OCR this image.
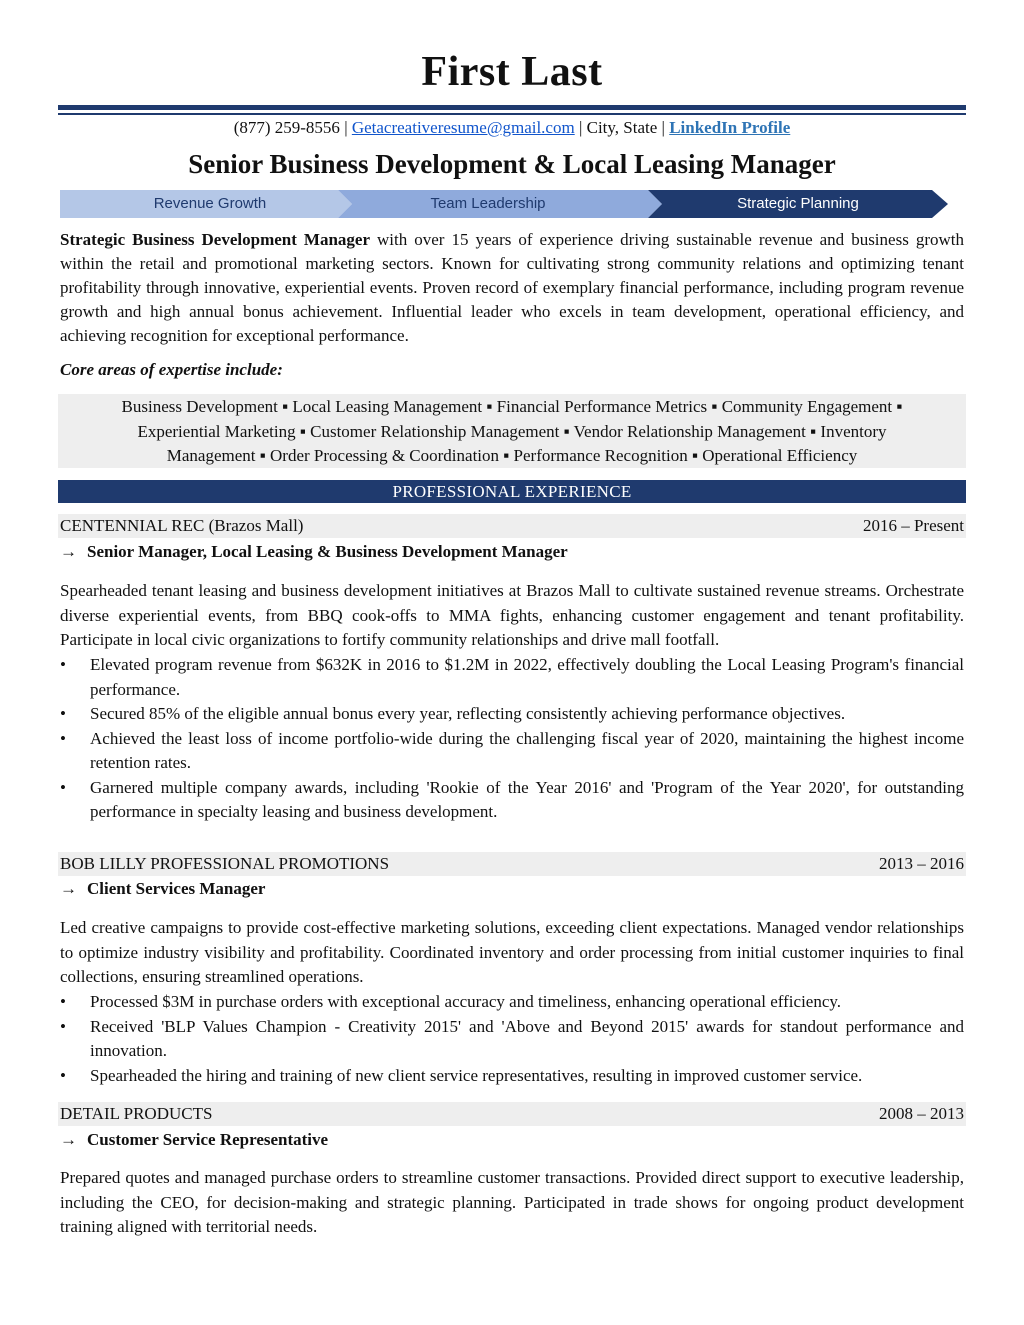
First Last
(877) 259-8556 | Getacreativeresume@gmail.com | City, State | LinkedIn Profile
Senior Business Development & Local Leasing Manager
Revenue Growth	Team Leadership	Strategic Planning
Strategic Business Development Manager with over 15 years of experience driving sustainable revenue and business growth within the retail and promotional marketing sectors. Known for cultivating strong community relations and optimizing tenant profitability through innovative, experiential events. Proven record of exemplary financial performance, including program revenue growth and high annual bonus achievement. Influential leader who excels in team development, operational efficiency, and achieving recognition for exceptional performance.
Core areas of expertise include:
Business Development ▪ Local Leasing Management ▪ Financial Performance Metrics ▪ Community Engagement ▪
Experiential Marketing ▪ Customer Relationship Management ▪ Vendor Relationship Management ▪ Inventory
Management ▪ Order Processing & Coordination ▪ Performance Recognition ▪ Operational Efficiency
PROFESSIONAL EXPERIENCE
CENTENNIAL REC (Brazos Mall)	2016 – Present
→ Senior Manager, Local Leasing & Business Development Manager
Spearheaded tenant leasing and business development initiatives at Brazos Mall to cultivate sustained revenue streams. Orchestrate diverse experiential events, from BBQ cook-offs to MMA fights, enhancing customer engagement and tenant profitability. Participate in local civic organizations to fortify community relationships and drive mall footfall.
• Elevated program revenue from $632K in 2016 to $1.2M in 2022, effectively doubling the Local Leasing Program's financial performance.
• Secured 85% of the eligible annual bonus every year, reflecting consistently achieving performance objectives.
• Achieved the least loss of income portfolio-wide during the challenging fiscal year of 2020, maintaining the highest income retention rates.
• Garnered multiple company awards, including 'Rookie of the Year 2016' and 'Program of the Year 2020', for outstanding performance in specialty leasing and business development.
BOB LILLY PROFESSIONAL PROMOTIONS	2013 – 2016
→ Client Services Manager
Led creative campaigns to provide cost-effective marketing solutions, exceeding client expectations. Managed vendor relationships to optimize industry visibility and profitability. Coordinated inventory and order processing from initial customer inquiries to final collections, ensuring streamlined operations.
• Processed $3M in purchase orders with exceptional accuracy and timeliness, enhancing operational efficiency.
• Received 'BLP Values Champion - Creativity 2015' and 'Above and Beyond 2015' awards for standout performance and innovation.
• Spearheaded the hiring and training of new client service representatives, resulting in improved customer service.
DETAIL PRODUCTS	2008 – 2013
→ Customer Service Representative
Prepared quotes and managed purchase orders to streamline customer transactions. Provided direct support to executive leadership, including the CEO, for decision-making and strategic planning. Participated in trade shows for ongoing product development training aligned with territorial needs.
